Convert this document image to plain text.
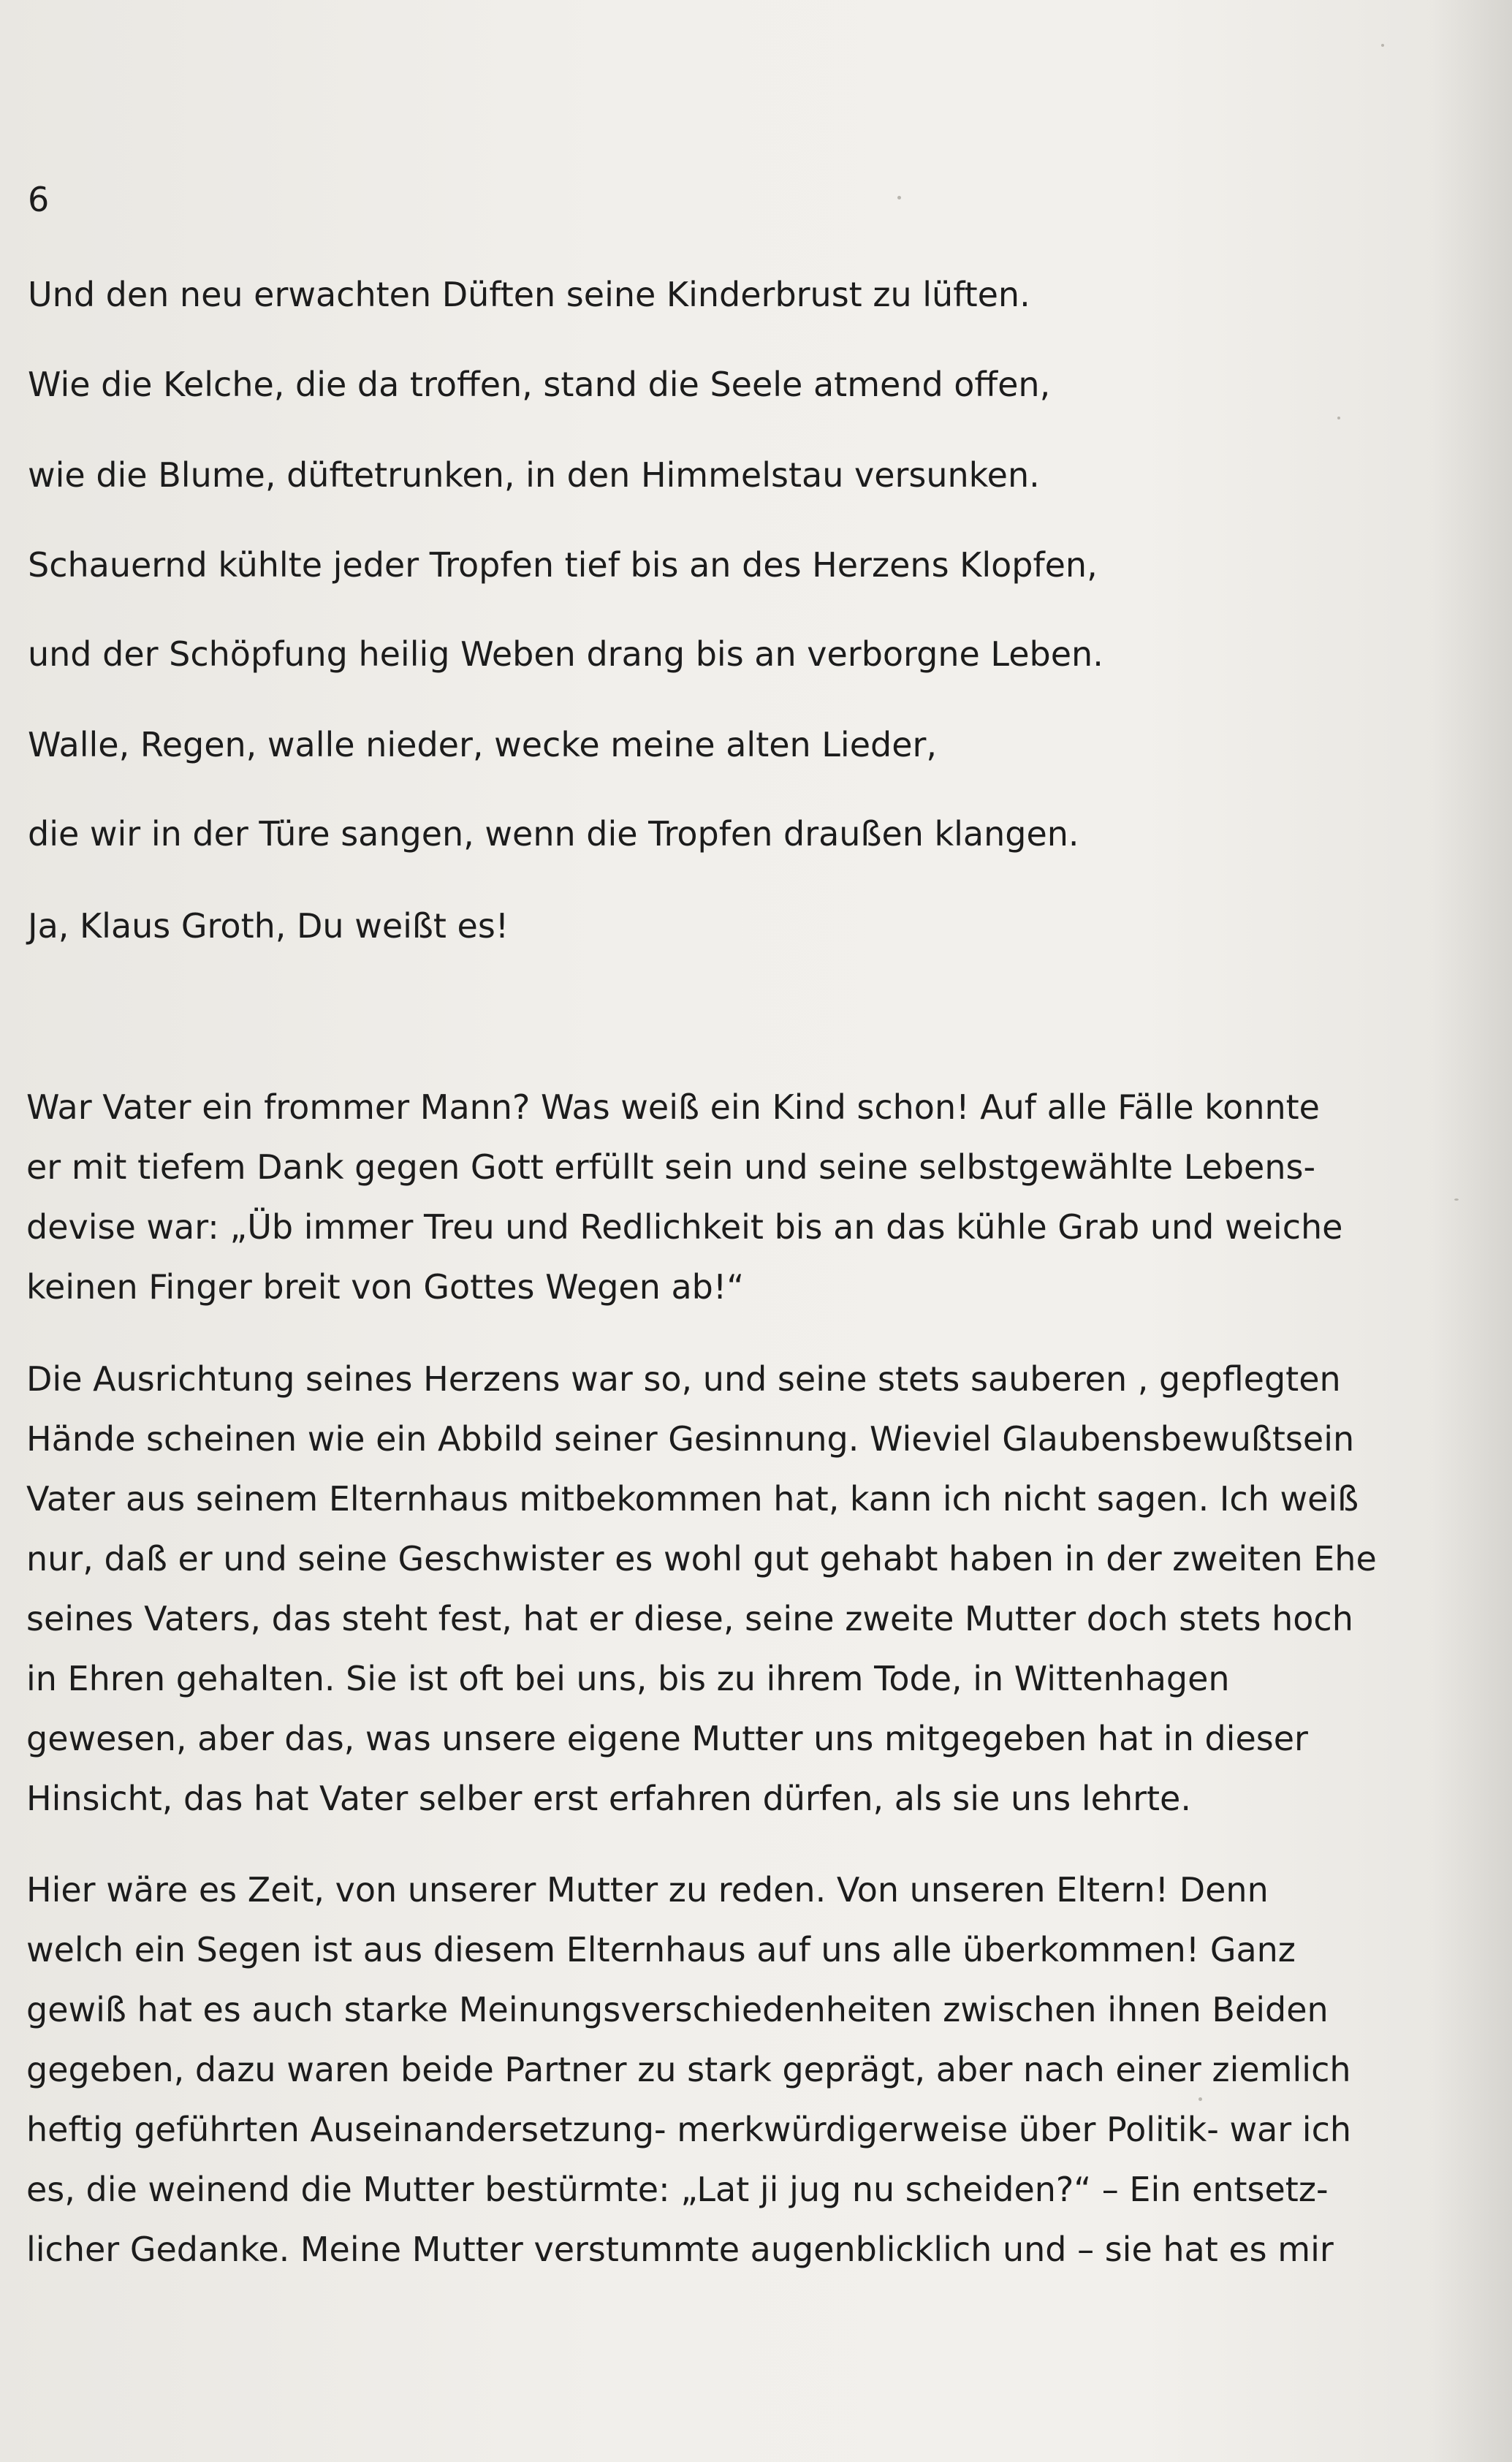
6
Und den neu erwachten Düften seine Kinderbrust zu lüften.
Wie die Kelche, die da troffen, stand die Seele atmend offen,
wie die Blume, düftetrunken, in den Himmelstau versunken.
Schauernd kühlte jeder Tropfen tief bis an des Herzens Klopfen,
und der Schöpfung heilig Weben drang bis an verborgne Leben.
Walle, Regen, walle nieder, wecke meine alten Lieder,
die wir in der Türe sangen, wenn die Tropfen draußen klangen.
Ja, Klaus Groth, Du weißt es!
War Vater ein frommer Mann? Was weiß ein Kind schon! Auf alle Fälle konnte
er mit tiefem Dank gegen Gott erfüllt sein und seine selbstgewählte Lebens-
devise war: „Üb immer Treu und Redlichkeit bis an das kühle Grab und weiche
keinen Finger breit von Gottes Wegen ab!“
Die Ausrichtung seines Herzens war so, und seine stets sauberen , gepflegten
Hände scheinen wie ein Abbild seiner Gesinnung. Wieviel Glaubensbewußtsein
Vater aus seinem Elternhaus mitbekommen hat, kann ich nicht sagen. Ich weiß
nur, daß er und seine Geschwister es wohl gut gehabt haben in der zweiten Ehe
seines Vaters, das steht fest, hat er diese, seine zweite Mutter doch stets hoch
in Ehren gehalten. Sie ist oft bei uns, bis zu ihrem Tode, in Wittenhagen
gewesen, aber das, was unsere eigene Mutter uns mitgegeben hat in dieser
Hinsicht, das hat Vater selber erst erfahren dürfen, als sie uns lehrte.
Hier wäre es Zeit, von unserer Mutter zu reden. Von unseren Eltern! Denn
welch ein Segen ist aus diesem Elternhaus auf uns alle überkommen! Ganz
gewiß hat es auch starke Meinungsverschiedenheiten zwischen ihnen Beiden
gegeben, dazu waren beide Partner zu stark geprägt, aber nach einer ziemlich
heftig geführten Auseinandersetzung- merkwürdigerweise über Politik- war ich
es, die weinend die Mutter bestürmte: „Lat ji jug nu scheiden?“ – Ein entsetz-
licher Gedanke. Meine Mutter verstummte augenblicklich und – sie hat es mir
